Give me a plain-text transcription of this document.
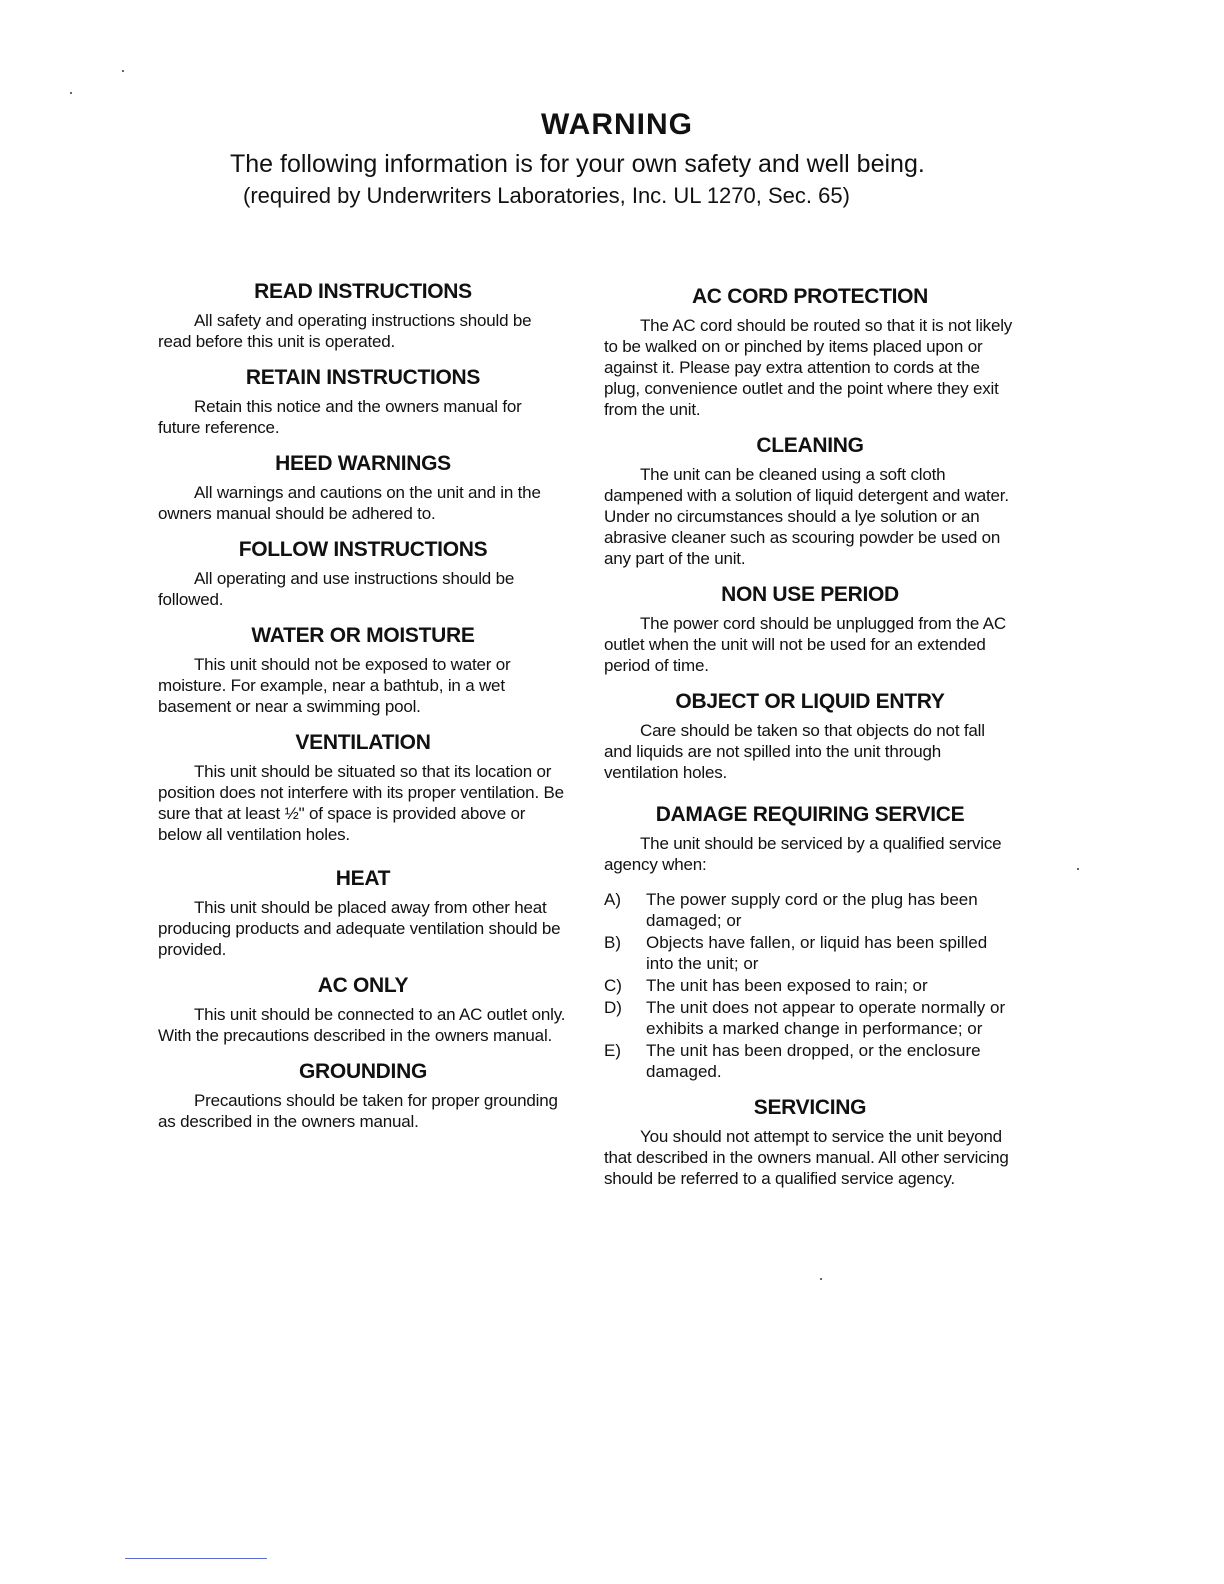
WARNING

The following information is for your own safety and well being.

(required by Underwriters Laboratories, Inc. UL 1270, Sec. 65)

READ INSTRUCTIONS

All safety and operating instructions should be read before this unit is operated.

RETAIN INSTRUCTIONS

Retain this notice and the owners manual for future reference.

HEED WARNINGS

All warnings and cautions on the unit and in the owners manual should be adhered to.

FOLLOW INSTRUCTIONS

All operating and use instructions should be followed.

WATER OR MOISTURE

This unit should not be exposed to water or moisture. For example, near a bathtub, in a wet basement or near a swimming pool.

VENTILATION

This unit should be situated so that its location or position does not interfere with its proper ventilation. Be sure that at least ½" of space is provided above or below all ventilation holes.

HEAT

This unit should be placed away from other heat producing products and adequate ventilation should be provided.

AC ONLY

This unit should be connected to an AC outlet only. With the precautions described in the owners manual.

GROUNDING

Precautions should be taken for proper grounding as described in the owners manual.

AC CORD PROTECTION

The AC cord should be routed so that it is not likely to be walked on or pinched by items placed upon or against it. Please pay extra attention to cords at the plug, convenience outlet and the point where they exit from the unit.

CLEANING

The unit can be cleaned using a soft cloth dampened with a solution of liquid detergent and water. Under no circumstances should a lye solution or an abrasive cleaner such as scouring powder be used on any part of the unit.

NON USE PERIOD

The power cord should be unplugged from the AC outlet when the unit will not be used for an extended period of time.

OBJECT OR LIQUID ENTRY

Care should be taken so that objects do not fall and liquids are not spilled into the unit through ventilation holes.

DAMAGE REQUIRING SERVICE

The unit should be serviced by a qualified service agency when:

A)	The power supply cord or the plug has been damaged; or
B)	Objects have fallen, or liquid has been spilled into the unit; or
C)	The unit has been exposed to rain; or
D)	The unit does not appear to operate normally or exhibits a marked change in performance; or
E)	The unit has been dropped, or the enclosure damaged.
SERVICING

You should not attempt to service the unit beyond that described in the owners manual. All other servicing should be referred to a qualified service agency.
